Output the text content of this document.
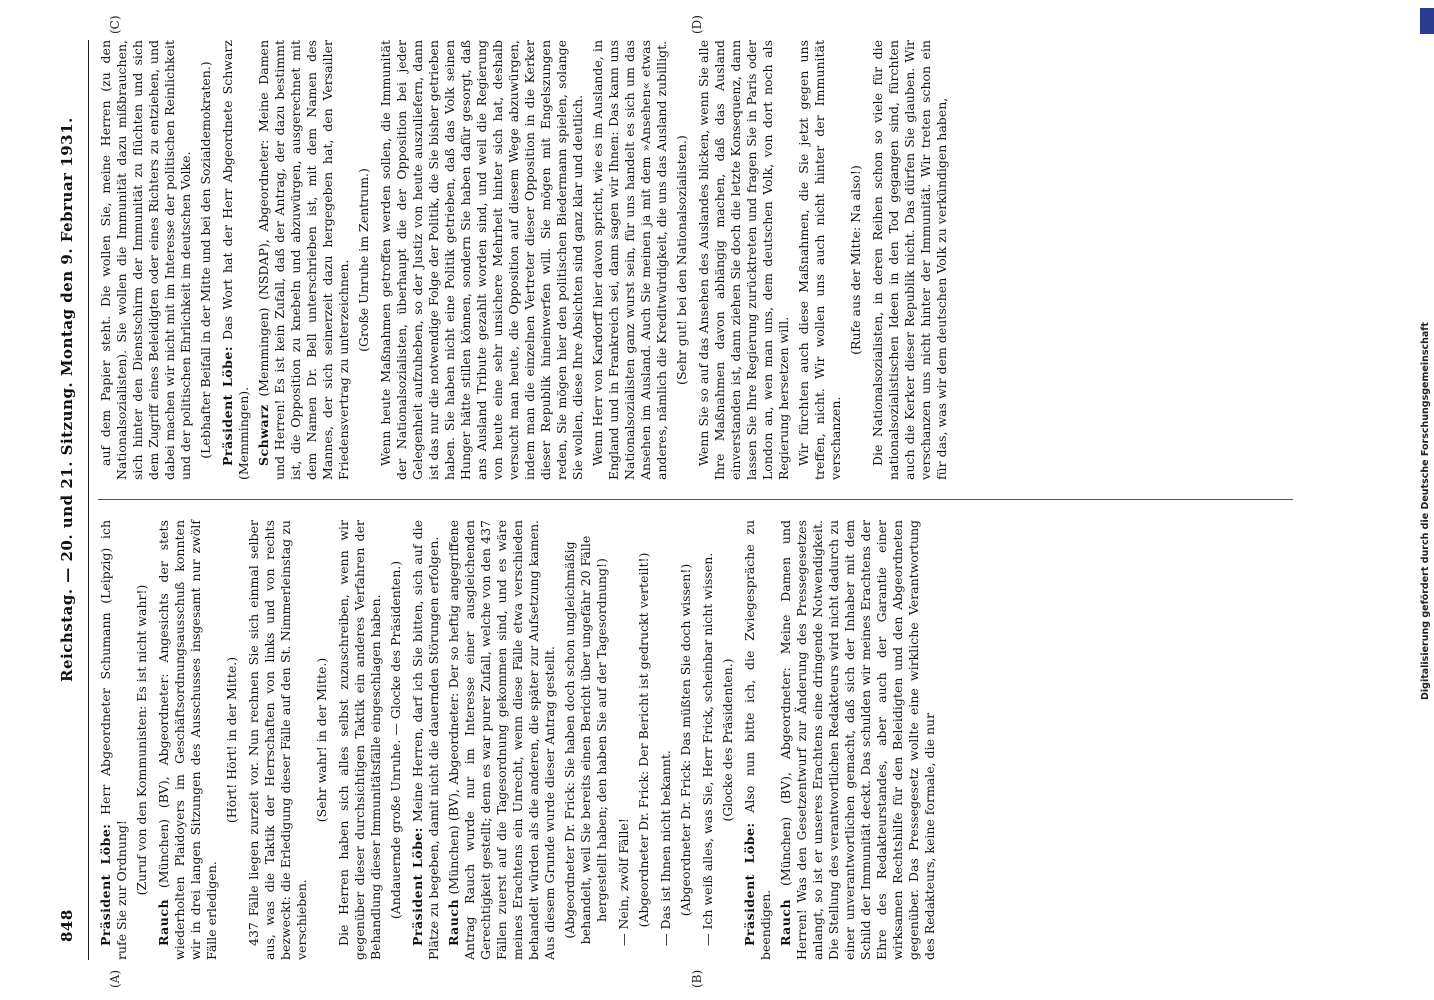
848
Reichstag. — 20. und 21. Sitzung. Montag den 9. Februar 1931.
(A)	(B)
(C)	(D)

Präsident Löbe: Herr Abgeordneter Schumann (Leipzig) ich rufe Sie zur Ordnung! (Zuruf von den Kommunisten: Es ist nicht wahr!)

Rauch (München) (BV), Abgeordneter: Angesichts der stets wiederholten Plaidoyers im Geschäftsordnungsausschuß konnten wir in drei langen Sitzungen des Ausschusses insgesamt nur zwölf Fälle erledigen.

(Hört! Hört! in der Mitte.) 437 Fälle liegen zurzeit vor. Nun rechnen Sie sich einmal selber aus, was die Taktik der Herrschaften von links und von rechts bezweckt: die Erledigung dieser Fälle auf den St. Nimmerleinstag zu verschieben.

(Sehr wahr! in der Mitte.) Die Herren haben sich alles selbst zuzuschreiben, wenn wir gegenüber dieser durchsichtigen Taktik ein anderes Verfahren der Behandlung dieser Immunitätsfälle eingeschlagen haben. (Andauernde große Unruhe. — Glocke des Präsidenten.) Präsident Löbe: Meine Herren, darf ich Sie bitten, sich auf die Plätze zu begeben, damit nicht die dauernden Störungen erfolgen. Rauch (München) (BV), Abgeordneter: Der so heftig angegriffene Antrag Rauch wurde nur im Interesse einer ausgleichenden Gerechtigkeit gestellt; denn es war purer Zufall, welche von den 437 Fällen zuerst auf die Tagesordnung gekommen sind, und es wäre meines Erachtens ein Unrecht, wenn diese Fälle etwa verschieden behandelt würden als die anderen, die später zur Aufsetzung kamen. Aus diesem Grunde wurde dieser Antrag gestellt. (Abgeordneter Dr. Frick: Sie haben doch schon ungleichmäßig behandelt, weil Sie bereits einen Bericht über ungefähr 20 Fälle hergestellt haben; den haben Sie auf der Tagesordnung!) — Nein, zwölf Fälle! (Abgeordneter Dr. Frick: Der Bericht ist gedruckt verteilt!) — Das ist Ihnen nicht bekannt. (Abgeordneter Dr. Frick: Das müßten Sie doch wissen!) — Ich weiß alles, was Sie, Herr Frick, scheinbar nicht wissen. (Glocke des Präsidenten.)

Präsident Löbe: Also nun bitte ich, die Zwiegespräche zu beendigen. Rauch (München) (BV), Abgeordneter: Meine Damen und Herren! Was den Gesetzentwurf zur Änderung des Pressegesetzes anlangt, so ist er unseres Erachtens eine dringende Notwendigkeit. Die Stellung des verantwortlichen Redakteurs wird nicht dadurch zu einer unverantwortlichen gemacht, daß sich der Inhaber mit dem Schild der Immunität deckt. Das schulden wir meines Erachtens der Ehre des Redakteurstandes, aber auch der Garantie einer wirksamen Rechtshilfe für den Beleidigten und den Abgeordneten gegenüber. Das Pressegesetz wollte eine wirkliche Verantwortung des Redakteurs, keine formale, die nur

auf dem Papier steht. Die wollen Sie, meine Herren (zu den Nationalsozialisten). Sie wollen die Immunität dazu mißbrauchen, sich hinter den Dienstschirm der Immunität zu flüchten und sich dem Zugriff eines Beleidigten oder eines Richters zu entziehen, und dabei machen wir nicht mit im Interesse der politischen Reinlichkeit und der politischen Ehrlichkeit im deutschen Volke. (Lebhafter Beifall in der Mitte und bei den Sozialdemokraten.) Präsident Löbe: Das Wort hat der Herr Abgeordnete Schwarz (Memmingen). Schwarz (Memmingen) (NSDAP), Abgeordneter: Meine Damen und Herren! Es ist kein Zufall, daß der Antrag, der dazu bestimmt ist, die Opposition zu knebeln und abzuwürgen, ausgerechnet mit dem Namen Dr. Bell unterschrieben ist, mit dem Namen des Mannes, der sich seinerzeit dazu hergegeben hat, den Versailler Friedensvertrag zu unterzeichnen. (Große Unruhe im Zentrum.) Wenn heute Maßnahmen getroffen werden sollen, die Immunität der Nationalsozialisten, überhaupt die der Opposition bei jeder Gelegenheit aufzuheben, so der Justiz von heute auszuliefern, dann ist das nur die notwendige Folge der Politik, die Sie bisher getrieben haben. Sie haben nicht eine Politik getrieben, daß das Volk seinen Hunger hätte stillen können, sondern Sie haben dafür gesorgt, daß ans Ausland Tribute gezahlt worden sind, und weil die Regierung von heute eine sehr unsichere Mehrheit hinter sich hat, deshalb versucht man heute, die Opposition auf diesem Wege abzuwürgen, indem man die einzelnen Vertreter dieser Opposition in die Kerker dieser Republik hineinwerfen will. Sie mögen mit Engelszungen reden, Sie mögen hier den politischen Biedermann spielen, solange Sie wollen, diese Ihre Absichten sind ganz klar und deutlich. Wenn Herr von Kardorff hier davon spricht, wie es im Auslande, in England und in Frankreich sei, dann sagen wir Ihnen: Das kann uns Nationalsozialisten ganz wurst sein, für uns handelt es sich um das Ansehen im Ausland. Auch Sie meinen ja mit dem »Ansehen« etwas anderes, nämlich die Kreditwürdigkeit, die uns das Ausland zubilligt. (Sehr gut! bei den Nationalsozialisten.) Wenn Sie so auf das Ansehen des Auslandes blicken, wenn Sie alle Ihre Maßnahmen davon abhängig machen, daß das Ausland einverstanden ist, dann ziehen Sie doch die letzte Konsequenz, dann lassen Sie Ihre Regierung zurücktreten und fragen Sie in Paris oder London an, wen man uns, dem deutschen Volk, von dort noch als Regierung hersetzen will. Wir fürchten auch diese Maßnahmen, die Sie jetzt gegen uns treffen, nicht. Wir wollen uns auch nicht hinter der Immunität verschanzen.

(Rufe aus der Mitte: Na also!) Die Nationalsozialisten, in deren Reihen schon so viele für die nationalsozialistischen Ideen in den Tod gegangen sind, fürchten auch die Kerker dieser Republik nicht. Das dürfen Sie glauben. Wir verschanzen uns nicht hinter der Immunität. Wir treten schon ein für das, was wir dem deutschen Volk zu verkündigen haben,

Digitalisierung gefördert durch die Deutsche Forschungsgemeinschaft
